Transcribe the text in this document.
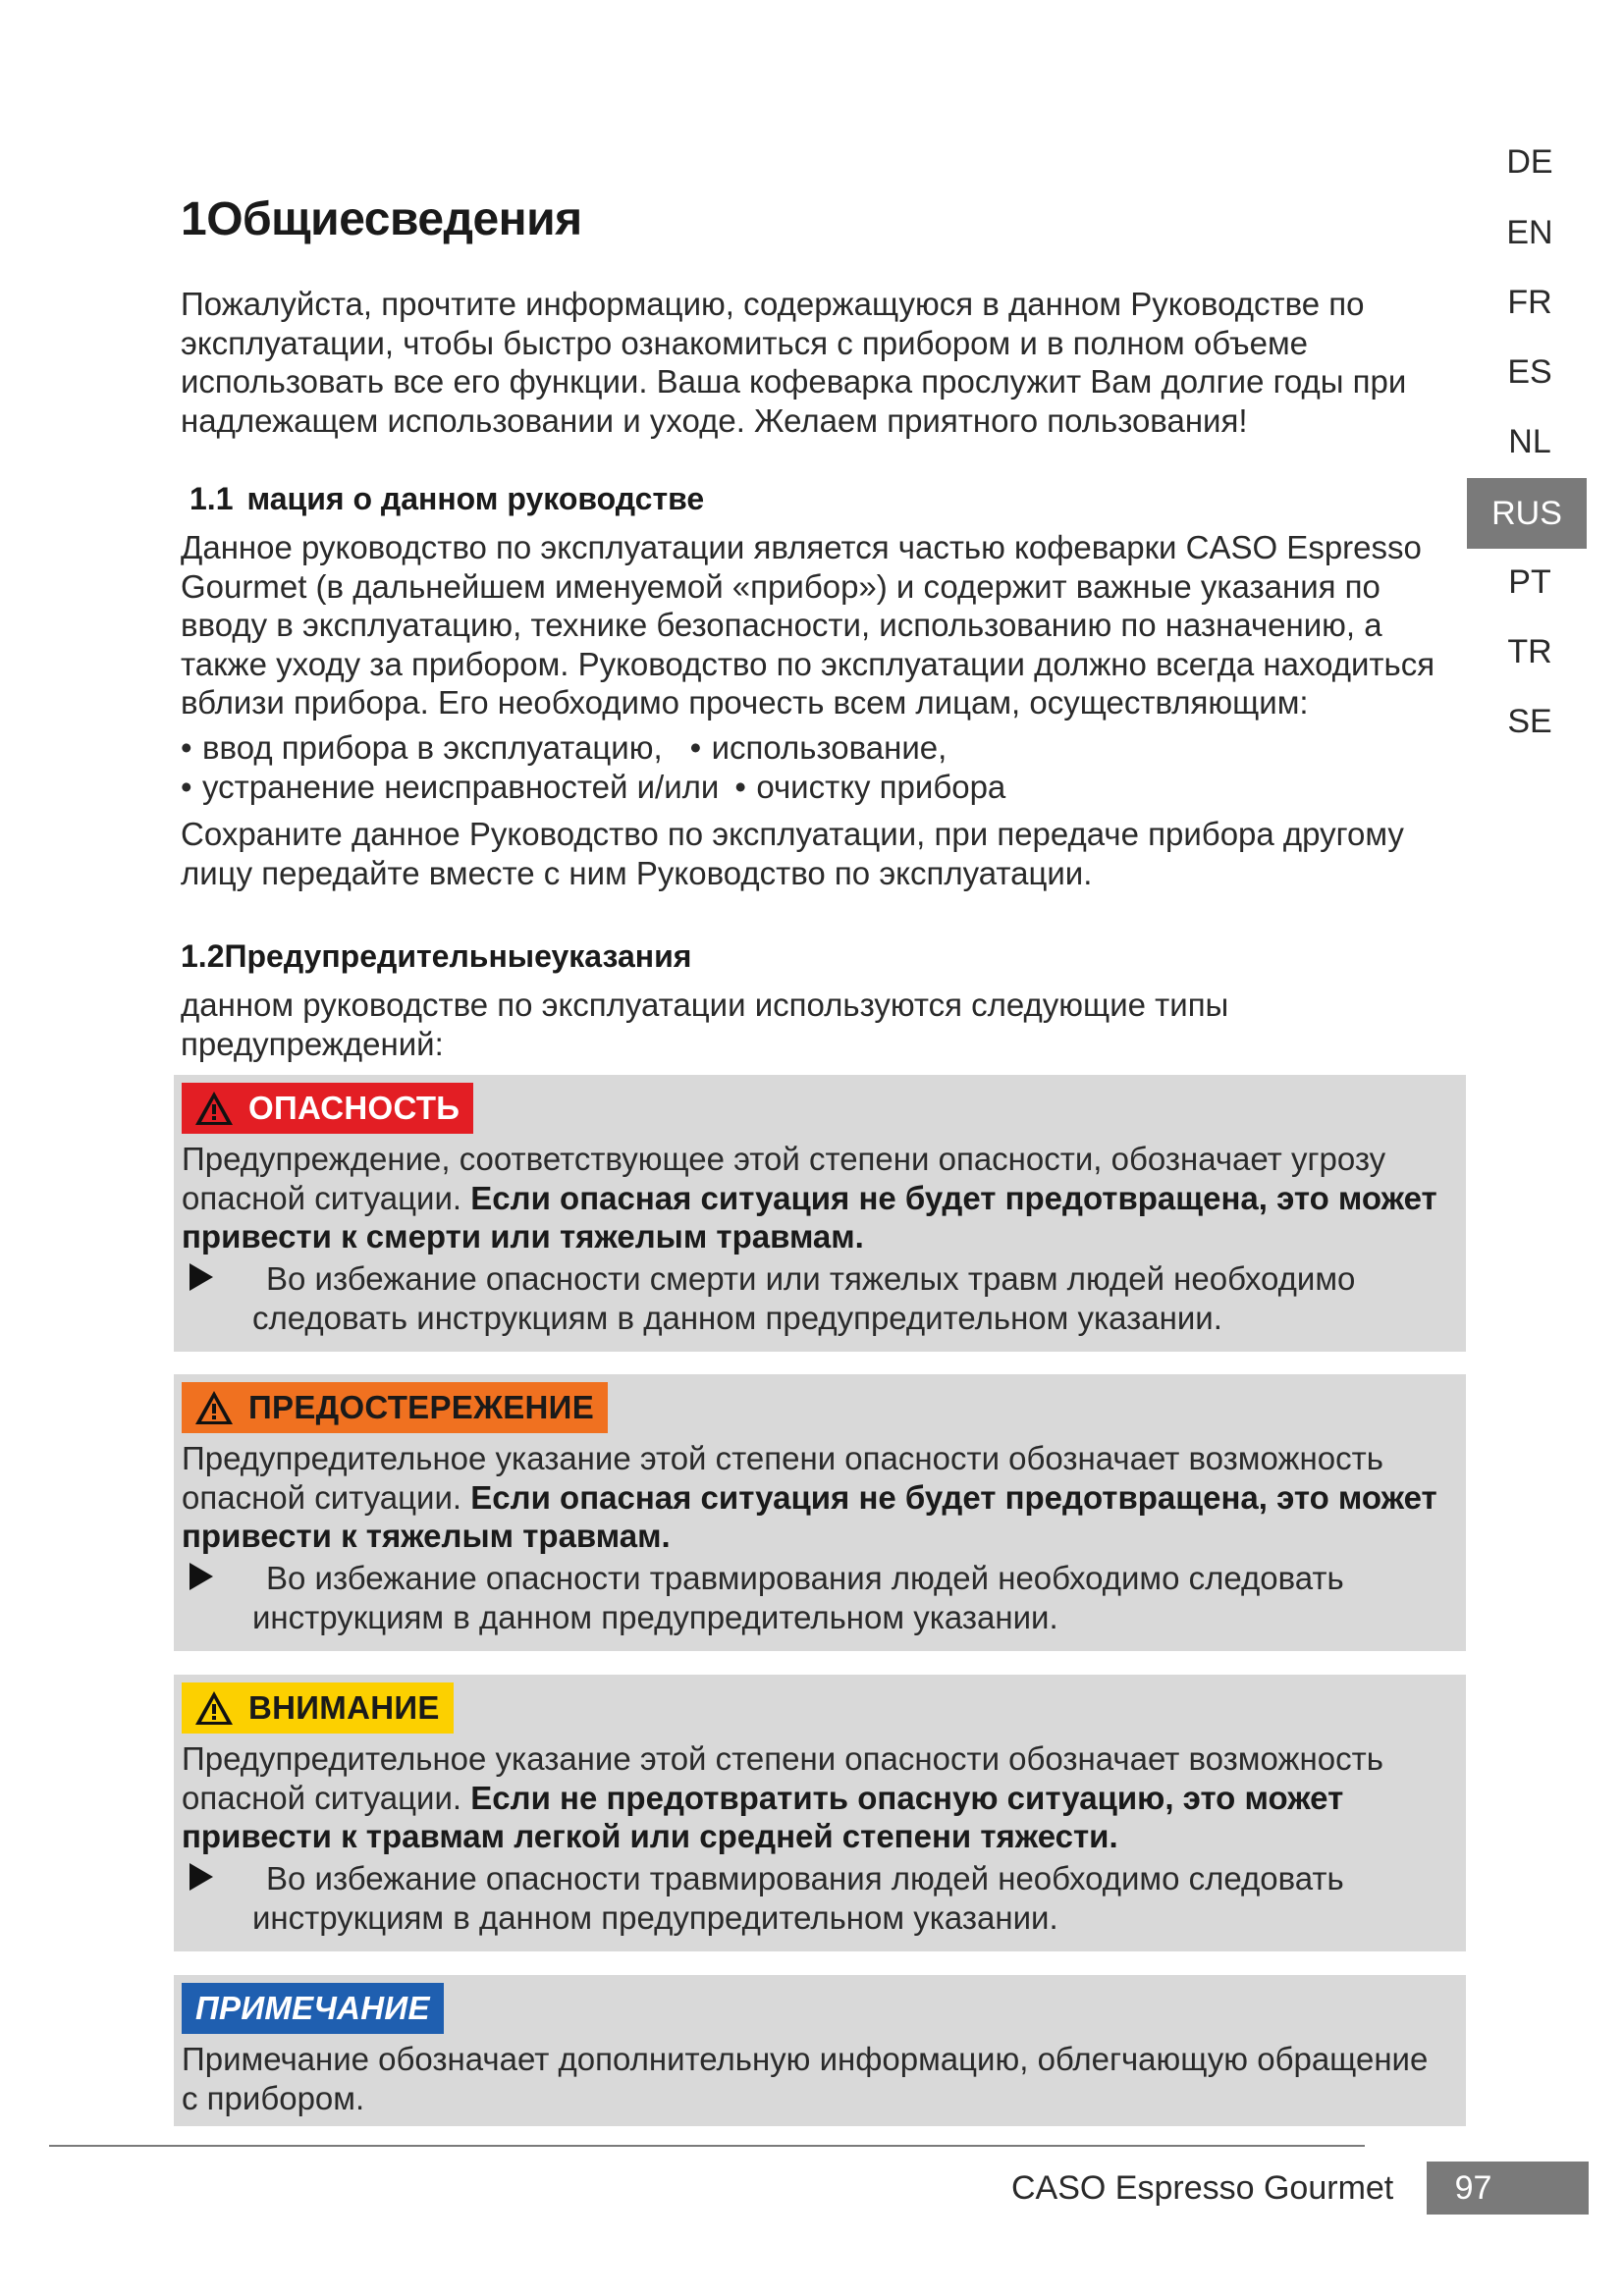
DE
EN
FR
ES
NL
RUS
PT
TR
SE
1Общиесведения

Пожалуйста, прочтите информацию, содержащуюся в данном Руководстве по эксплуатации, чтобы быстро ознакомиться с прибором и в полном объеме использовать все его функции. Ваша кофеварка прослужит Вам долгие годы при надлежащем использовании и уходе. Желаем приятного пользования!

1.1 мация о данном руководстве

Данное руководство по эксплуатации является частью кофеварки CASO Espresso Gourmet (в дальнейшем именуемой «прибор») и содержит важные указания по вводу в эксплуатацию, технике безопасности, использованию по назначению, а также уходу за прибором. Руководство по эксплуатации должно всегда находиться вблизи прибора. Его необходимо прочесть всем лицам, осуществляющим:

• ввод прибора в эксплуатацию, • использование,
• устранение неисправностей и/или • очистку прибора

Сохраните данное Руководство по эксплуатации, при передаче прибора другому лицу передайте вместе с ним Руководство по эксплуатации.

1.2Предупредительныеуказания

данном руководстве по эксплуатации используются следующие типы предупреждений:

ОПАСНОСТЬ

Предупреждение, соответствующее этой степени опасности, обозначает угрозу опасной ситуации. Если опасная ситуация не будет предотвращена, это может привести к смерти или тяжелым травмам.

Во избежание опасности смерти или тяжелых травм людей необходимо следовать инструкциям в данном предупредительном указании.

ПРЕДОСТЕРЕЖЕНИЕ

Предупредительное указание этой степени опасности обозначает возможность опасной ситуации. Если опасная ситуация не будет предотвращена, это может привести к тяжелым травмам.

Во избежание опасности травмирования людей необходимо следовать инструкциям в данном предупредительном указании.

ВНИМАНИЕ

Предупредительное указание этой степени опасности обозначает возможность опасной ситуации. Если не предотвратить опасную ситуацию, это может привести к травмам легкой или средней степени тяжести.

Во избежание опасности травмирования людей необходимо следовать инструкциям в данном предупредительном указании.

ПРИМЕЧАНИЕ

Примечание обозначает дополнительную информацию, облегчающую обращение с прибором.

CASO Espresso Gourmet	97
